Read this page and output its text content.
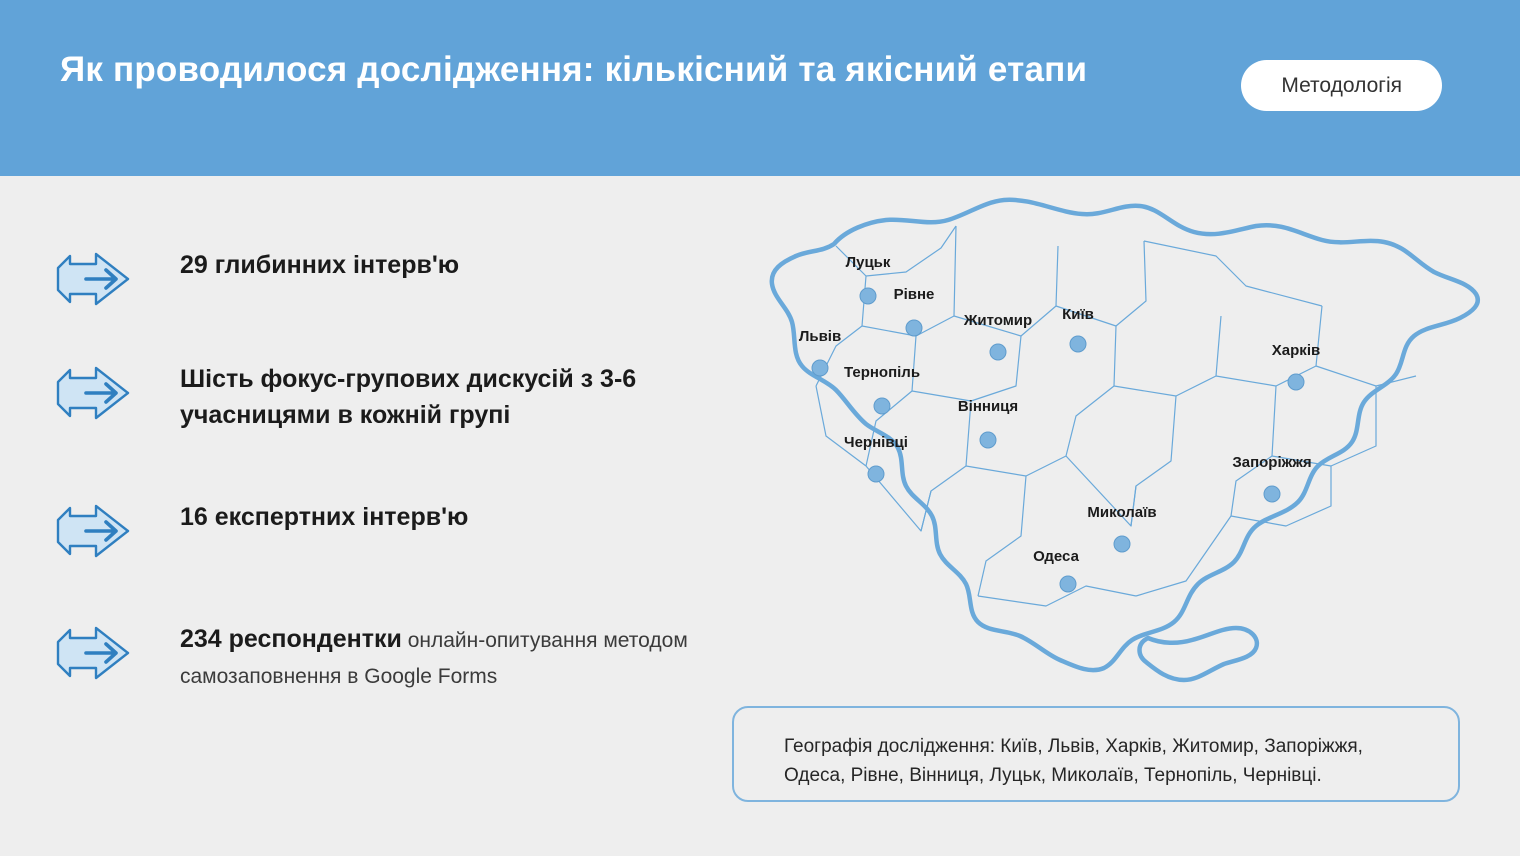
Як проводилося дослідження: кількісний та якісний етапи	Методологія
29 глибинних інтерв'ю
Шість фокус-групових дискусій з 3-6 учасницями в кожній групі
16 експертних інтерв'ю
234 респондентки онлайн-опитування методом самозаповнення в Google Forms
Луцьк
Рівне
Львів
Тернопіль
Житомир Київ
Вінниця
Чернівці
Харків
Запоріжжя
Миколаїв
Одеса
Географія дослідження: Київ, Львів, Харків, Житомир, Запоріжжя, Одеса, Рівне, Вінниця, Луцьк, Миколаїв, Тернопіль, Чернівці.
